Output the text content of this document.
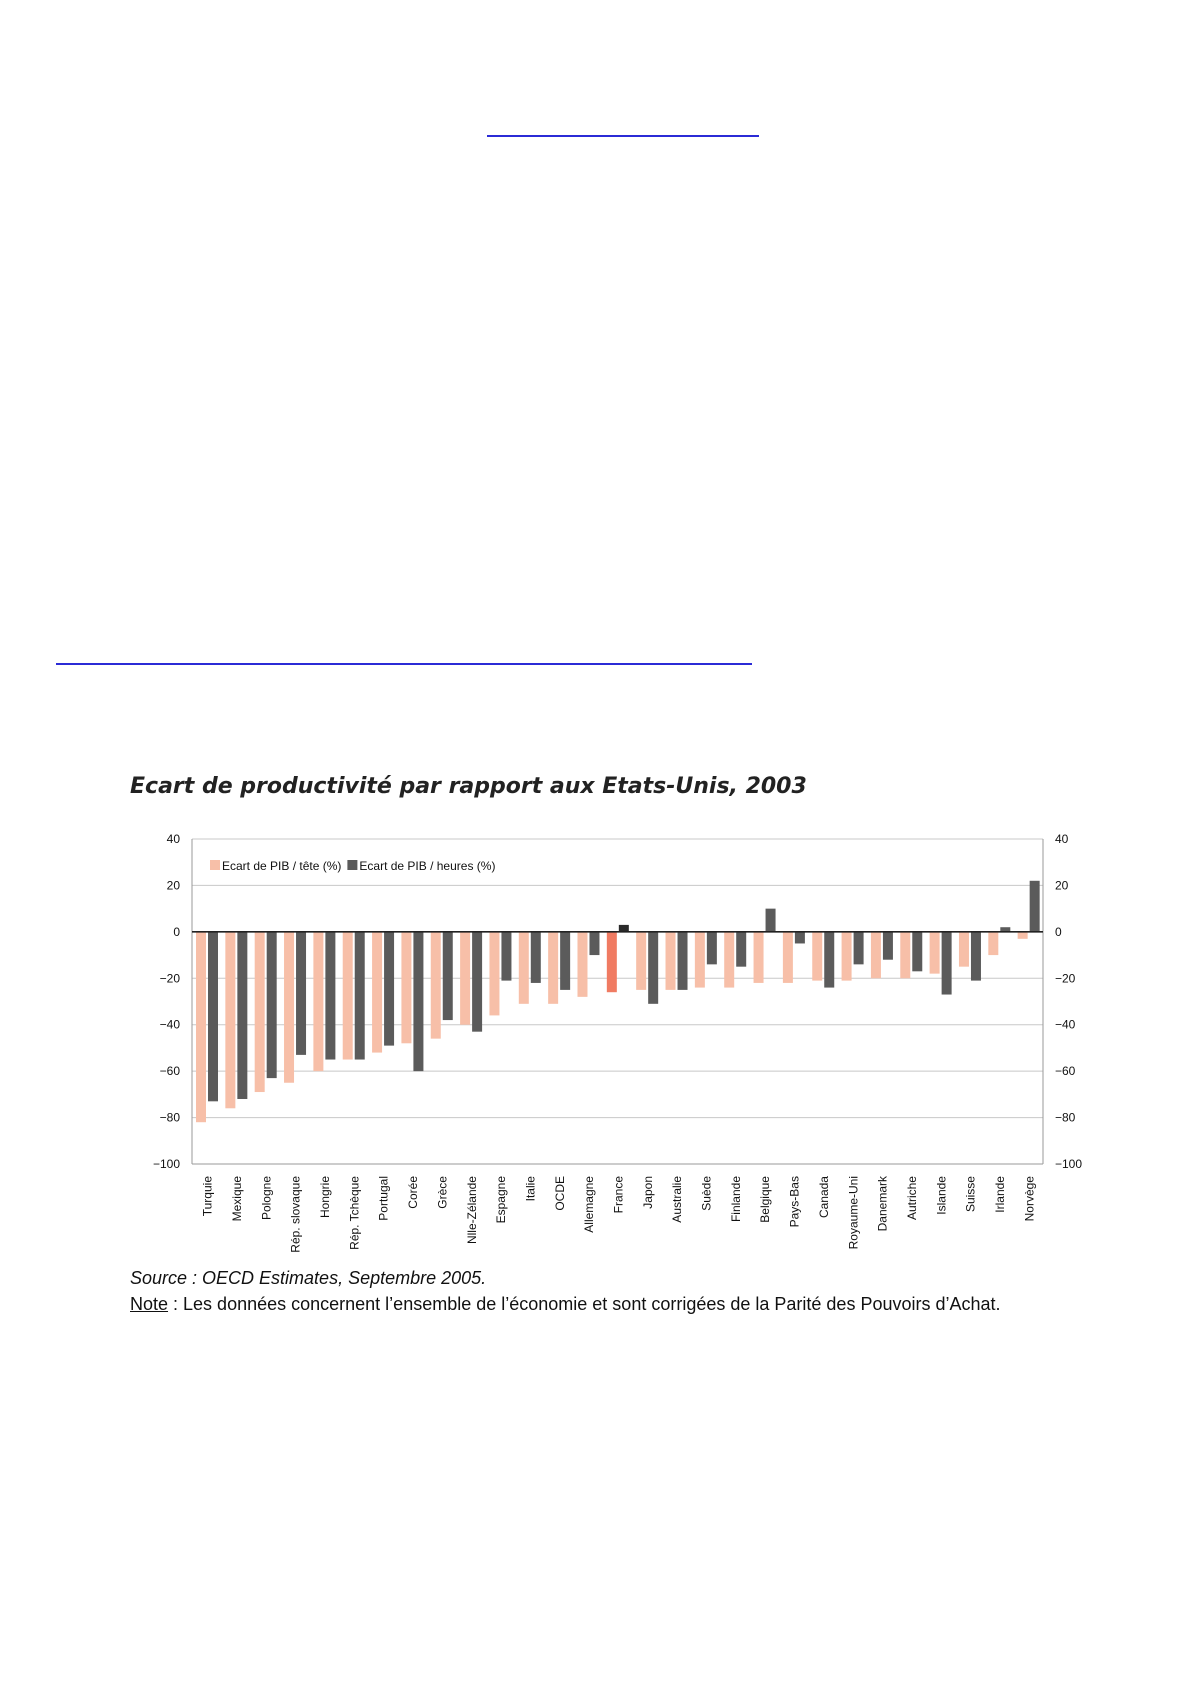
Ecart de productivité par rapport aux Etats-Unis, 2003
40	40
20	20
0	0
−20	−20
−40	−40
−60	−60
−80	−80
−100	−100
Turquie Mexique Pologne Rép. slovaque Hongrie Rép. Tchèque Portugal Corée Grèce Nlle-Zélande Espagne Italie OCDE Allemagne France Japon Australie Suède Finlande Belgique Pays-Bas Canada Royaume-Uni Danemark Autriche Islande Suisse Irlande Norvège
Ecart de PIB / tête (%) Ecart de PIB / heures (%)
Source : OECD Estimates, Septembre 2005.
Note : Les données concernent l’ensemble de l’économie et sont corrigées de la Parité des Pouvoirs d’Achat.
